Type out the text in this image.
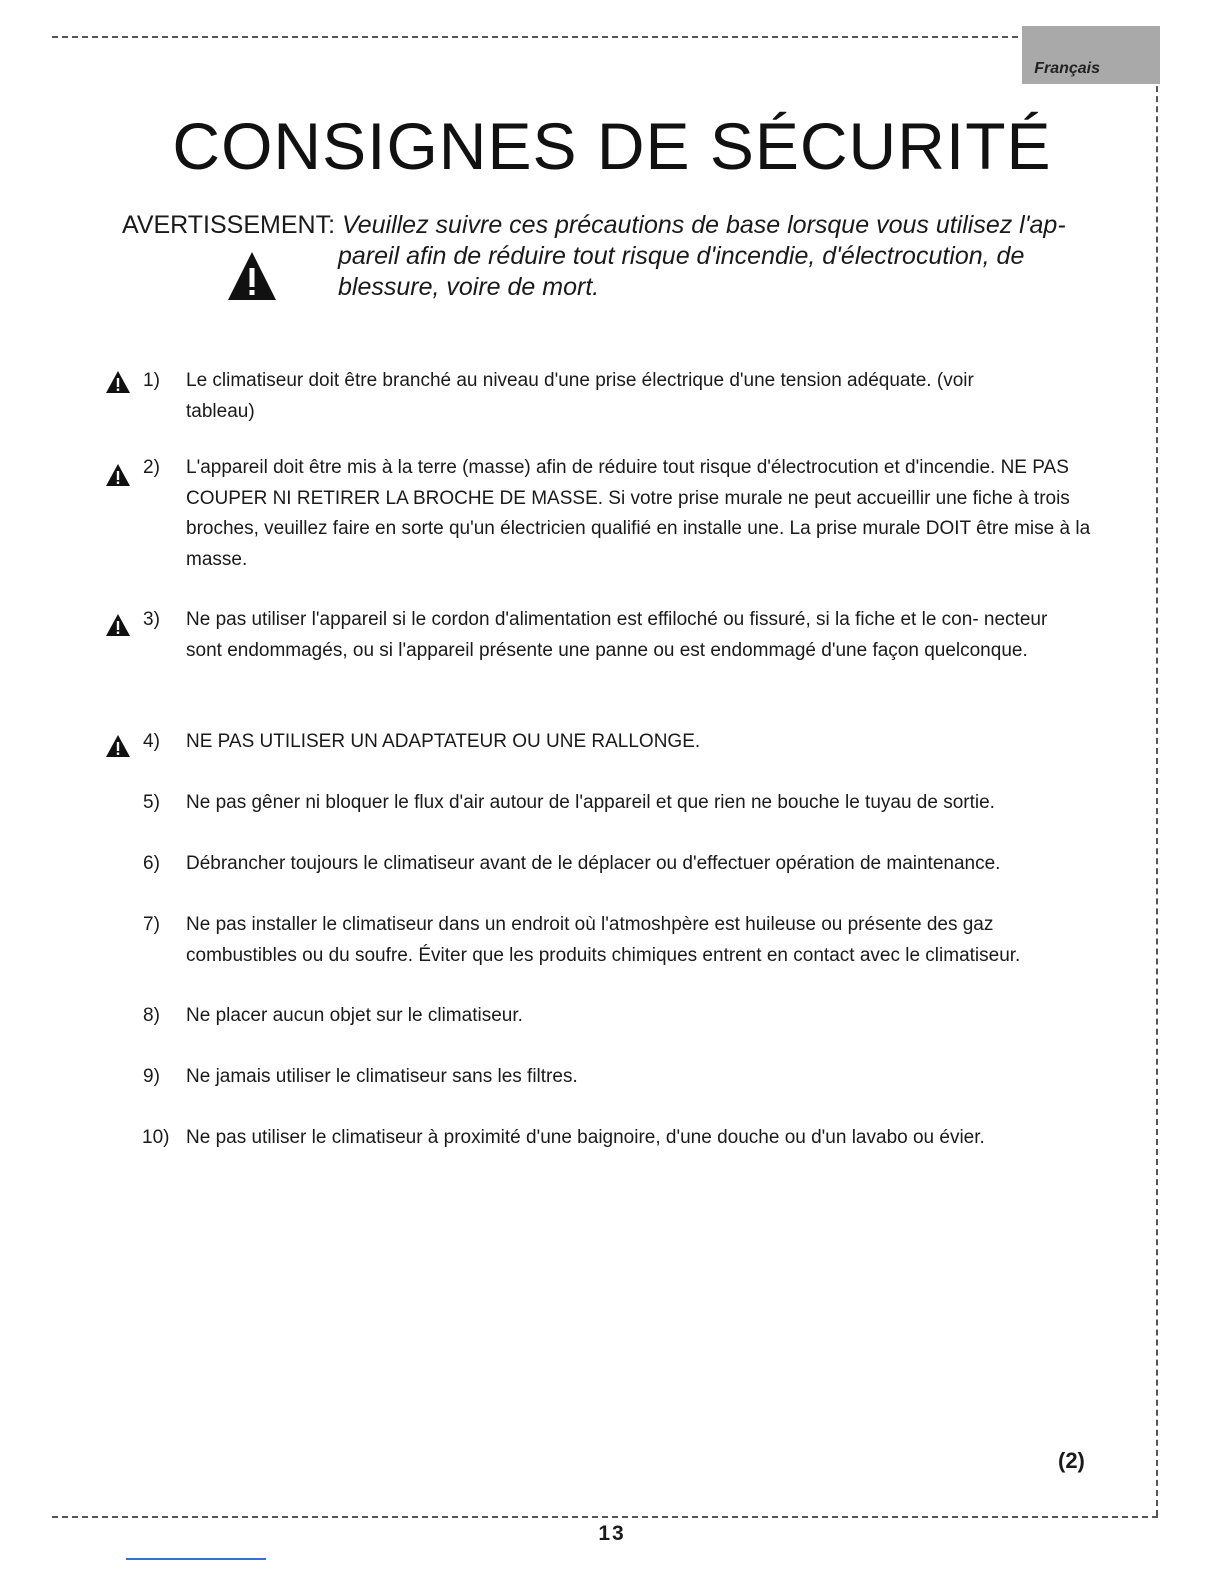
Français
CONSIGNES DE SÉCURITÉ
AVERTISSEMENT: Veuillez suivre ces précautions de base lorsque vous utilisez l'ap-
pareil afin de réduire tout risque d'incendie, d'électrocution, de blessure, voire de mort.
1) Le climatiseur doit être branché au niveau d'une prise électrique d'une tension adéquate. (voir tableau)
2) L'appareil doit être mis à la terre (masse) afin de réduire tout risque d'électrocution et d'incendie. NE PAS COUPER NI RETIRER LA BROCHE DE MASSE. Si votre prise murale ne peut accueillir une fiche à trois broches, veuillez faire en sorte qu'un électricien qualifié en installe une. La prise murale DOIT être mise à la masse.
3) Ne pas utiliser l'appareil si le cordon d'alimentation est effiloché ou fissuré, si la fiche et le con- necteur sont endommagés, ou si l'appareil présente une panne ou est endommagé d'une façon quelconque.
4) NE PAS UTILISER UN ADAPTATEUR OU UNE RALLONGE.
5) Ne pas gêner ni bloquer le flux d'air autour de l'appareil et que rien ne bouche le tuyau de sortie.
6) Débrancher toujours le climatiseur avant de le déplacer ou d'effectuer opération de maintenance.
7) Ne pas installer le climatiseur dans un endroit où l'atmoshpère est huileuse ou présente des gaz combustibles ou du soufre. Éviter que les produits chimiques entrent en contact avec le climatiseur.
8) Ne placer aucun objet sur le climatiseur.
9) Ne jamais utiliser le climatiseur sans les filtres.
10) Ne pas utiliser le climatiseur à proximité d'une baignoire, d'une douche ou d'un lavabo ou évier.
(2)
13
